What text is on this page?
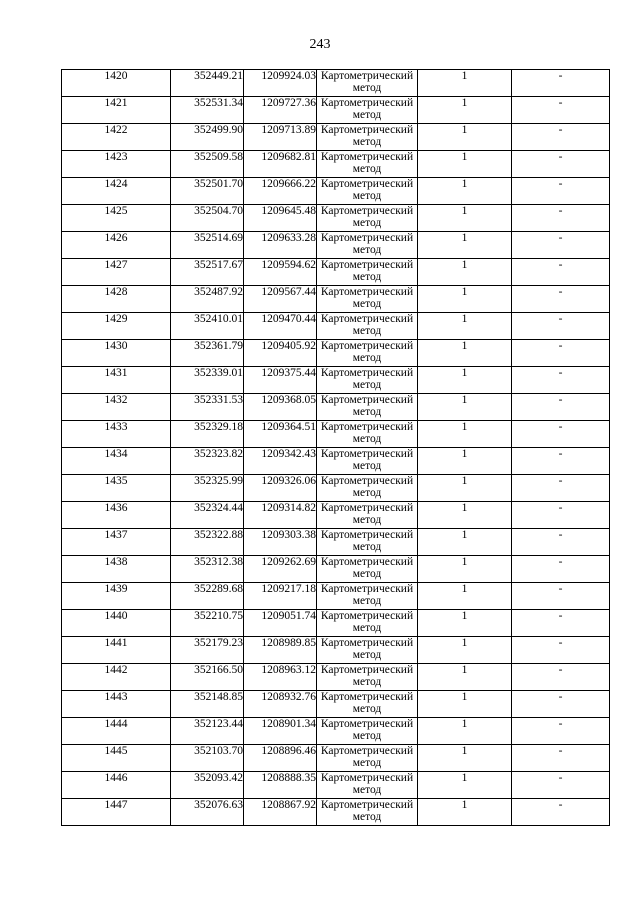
243
1420	352449.21	1209924.03	Картометрический метод	1	-
1421	352531.34	1209727.36	Картометрический метод	1	-
1422	352499.90	1209713.89	Картометрический метод	1	-
1423	352509.58	1209682.81	Картометрический метод	1	-
1424	352501.70	1209666.22	Картометрический метод	1	-
1425	352504.70	1209645.48	Картометрический метод	1	-
1426	352514.69	1209633.28	Картометрический метод	1	-
1427	352517.67	1209594.62	Картометрический метод	1	-
1428	352487.92	1209567.44	Картометрический метод	1	-
1429	352410.01	1209470.44	Картометрический метод	1	-
1430	352361.79	1209405.92	Картометрический метод	1	-
1431	352339.01	1209375.44	Картометрический метод	1	-
1432	352331.53	1209368.05	Картометрический метод	1	-
1433	352329.18	1209364.51	Картометрический метод	1	-
1434	352323.82	1209342.43	Картометрический метод	1	-
1435	352325.99	1209326.06	Картометрический метод	1	-
1436	352324.44	1209314.82	Картометрический метод	1	-
1437	352322.88	1209303.38	Картометрический метод	1	-
1438	352312.38	1209262.69	Картометрический метод	1	-
1439	352289.68	1209217.18	Картометрический метод	1	-
1440	352210.75	1209051.74	Картометрический метод	1	-
1441	352179.23	1208989.85	Картометрический метод	1	-
1442	352166.50	1208963.12	Картометрический метод	1	-
1443	352148.85	1208932.76	Картометрический метод	1	-
1444	352123.44	1208901.34	Картометрический метод	1	-
1445	352103.70	1208896.46	Картометрический метод	1	-
1446	352093.42	1208888.35	Картометрический метод	1	-
1447	352076.63	1208867.92	Картометрический метод	1	-
